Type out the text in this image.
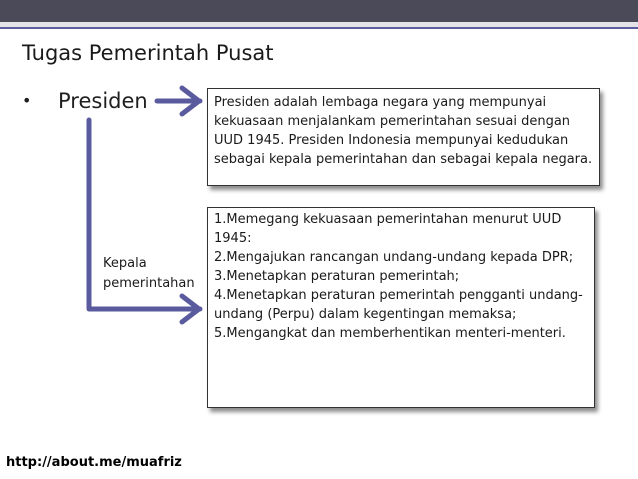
Tugas Pemerintah Pusat
• Presiden	Presiden adalah lembaga negara yang mempunyai kekuasaan menjalankam pemerintahan sesuai dengan UUD 1945. Presiden Indonesia mempunyai kedudukan sebagai kepala pemerintahan dan sebagai kepala negara.

Kepala
pemerintahan

1.Memegang kekuasaan pemerintahan menurut UUD 1945:

2.Mengajukan rancangan undang-undang kepada DPR;

3.Menetapkan peraturan pemerintah;

4.Menetapkan peraturan pemerintah pengganti undang-undang (Perpu) dalam kegentingan memaksa;

5.Mengangkat dan memberhentikan menteri-menteri.

http://about.me/muafriz
